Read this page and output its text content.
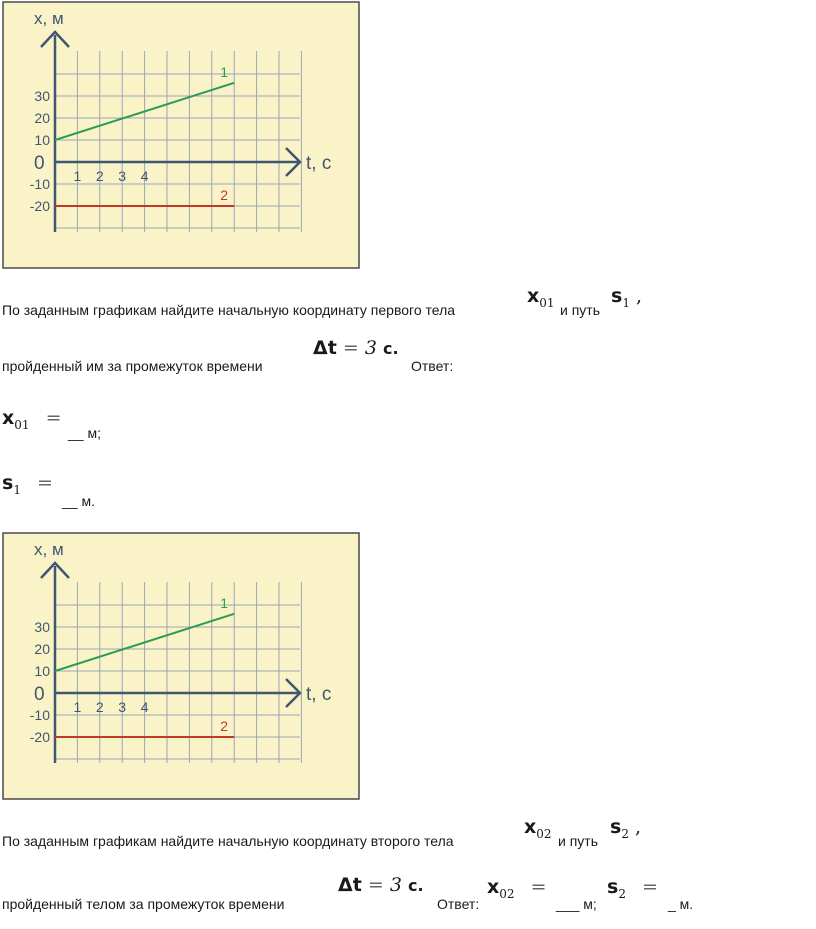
x, м
t, c
30
20
10
0
-10
-20
1 2 3 4
1
2
По заданным графикам найдите начальную координату первого тела
$x_{01}$ и путь
$s_1$ ,
пройденный им за промежуток времени
Δt = 3 c.
Ответ:
$x_{01}$ =
__ м;
$s_1$ =
__ м.
x, м
t, c
30
20
10
0
-10
-20
1 2 3 4
1
2
По заданным графикам найдите начальную координату второго тела
$x_{02}$ и путь
$s_2$ ,
пройденный телом за промежуток времени
Δt = 3 c.
Ответ:
$x_{02}$ =
___ м;
$s_2$ =
_ м.
